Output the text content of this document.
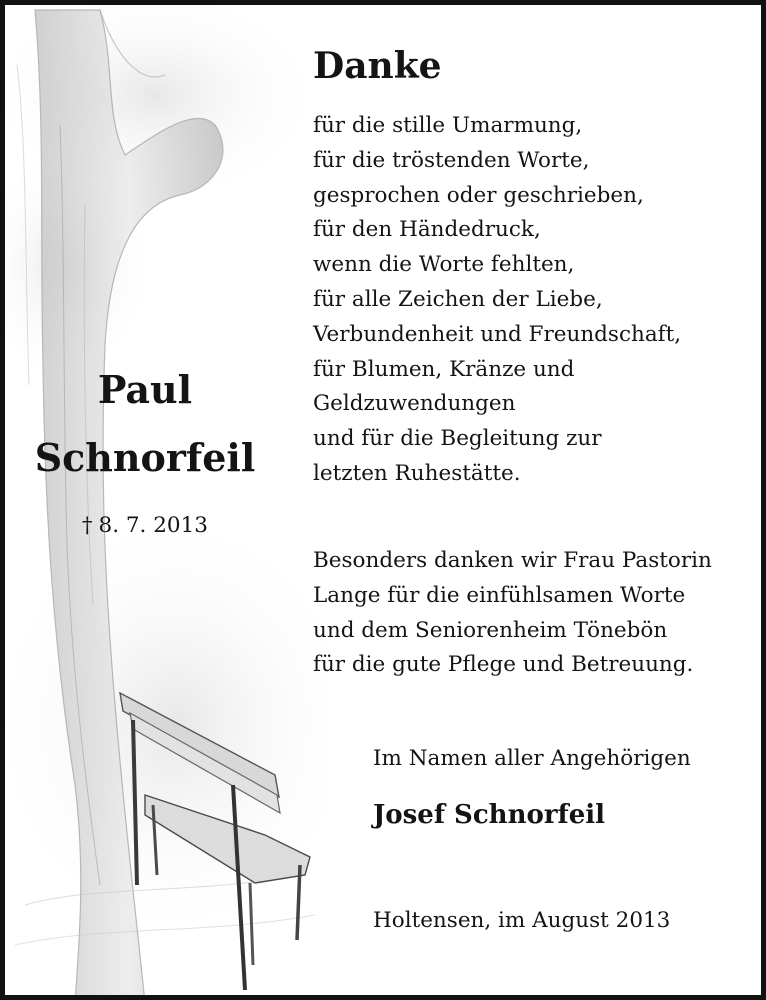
Paul
Schnorfeil
† 8. 7. 2013
Danke
für die stille Umarmung,
für die tröstenden Worte,
gesprochen oder geschrieben,
für den Händedruck,
wenn die Worte fehlten,
für alle Zeichen der Liebe,
Verbundenheit und Freundschaft,
für Blumen, Kränze und
Geldzuwendungen
und für die Begleitung zur
letzten Ruhestätte.
Besonders danken wir Frau Pastorin
Lange für die einfühlsamen Worte
und dem Seniorenheim Tönebön
für die gute Pflege und Betreuung.
Im Namen aller Angehörigen
Josef Schnorfeil
Holtensen, im August 2013
